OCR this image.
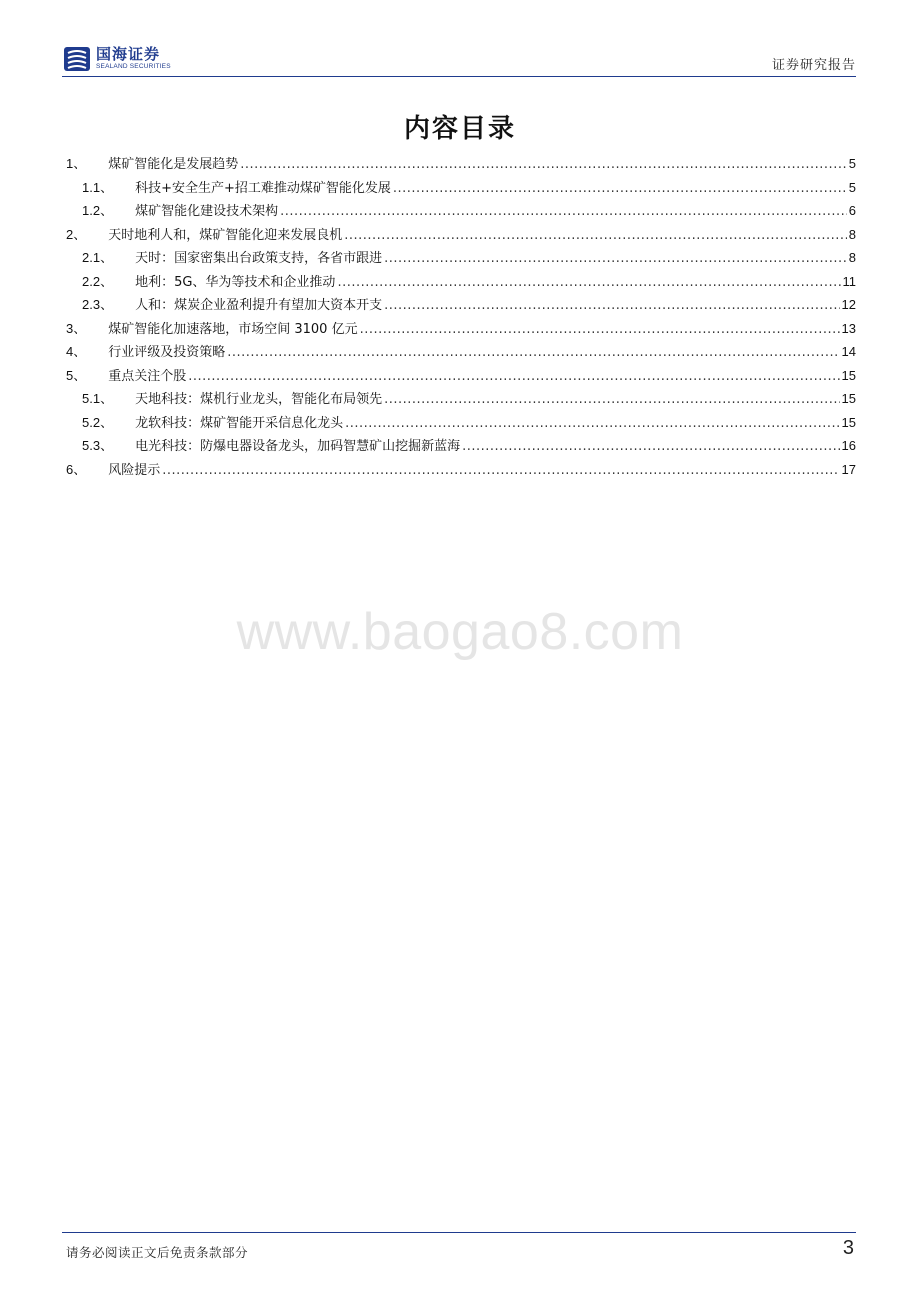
国海证券
SEALAND SECURITIES	证券研究报告
内容目录
1、 煤矿智能化是发展趋势 .....	5
1.1、 科技+安全生产+招工难推动煤矿智能化发展 .....	5
1.2、 煤矿智能化建设技术架构 .....	6
2、 天时地利人和，煤矿智能化迎来发展良机 .....	8
2.1、 天时：国家密集出台政策支持，各省市跟进 .....	8
2.2、 地利：5G、华为等技术和企业推动 .....	11
2.3、 人和：煤炭企业盈利提升有望加大资本开支 .....	12
3、 煤矿智能化加速落地，市场空间 3100 亿元 .....	13
4、 行业评级及投资策略 .....	14
5、 重点关注个股 .....	15
5.1、 天地科技：煤机行业龙头，智能化布局领先 .....	15
5.2、 龙软科技：煤矿智能开采信息化龙头 .....	15
5.3、 电光科技：防爆电器设备龙头，加码智慧矿山挖掘新蓝海 .....	16
6、 风险提示 .....	17
www.baogao8.com
请务必阅读正文后免责条款部分	3
